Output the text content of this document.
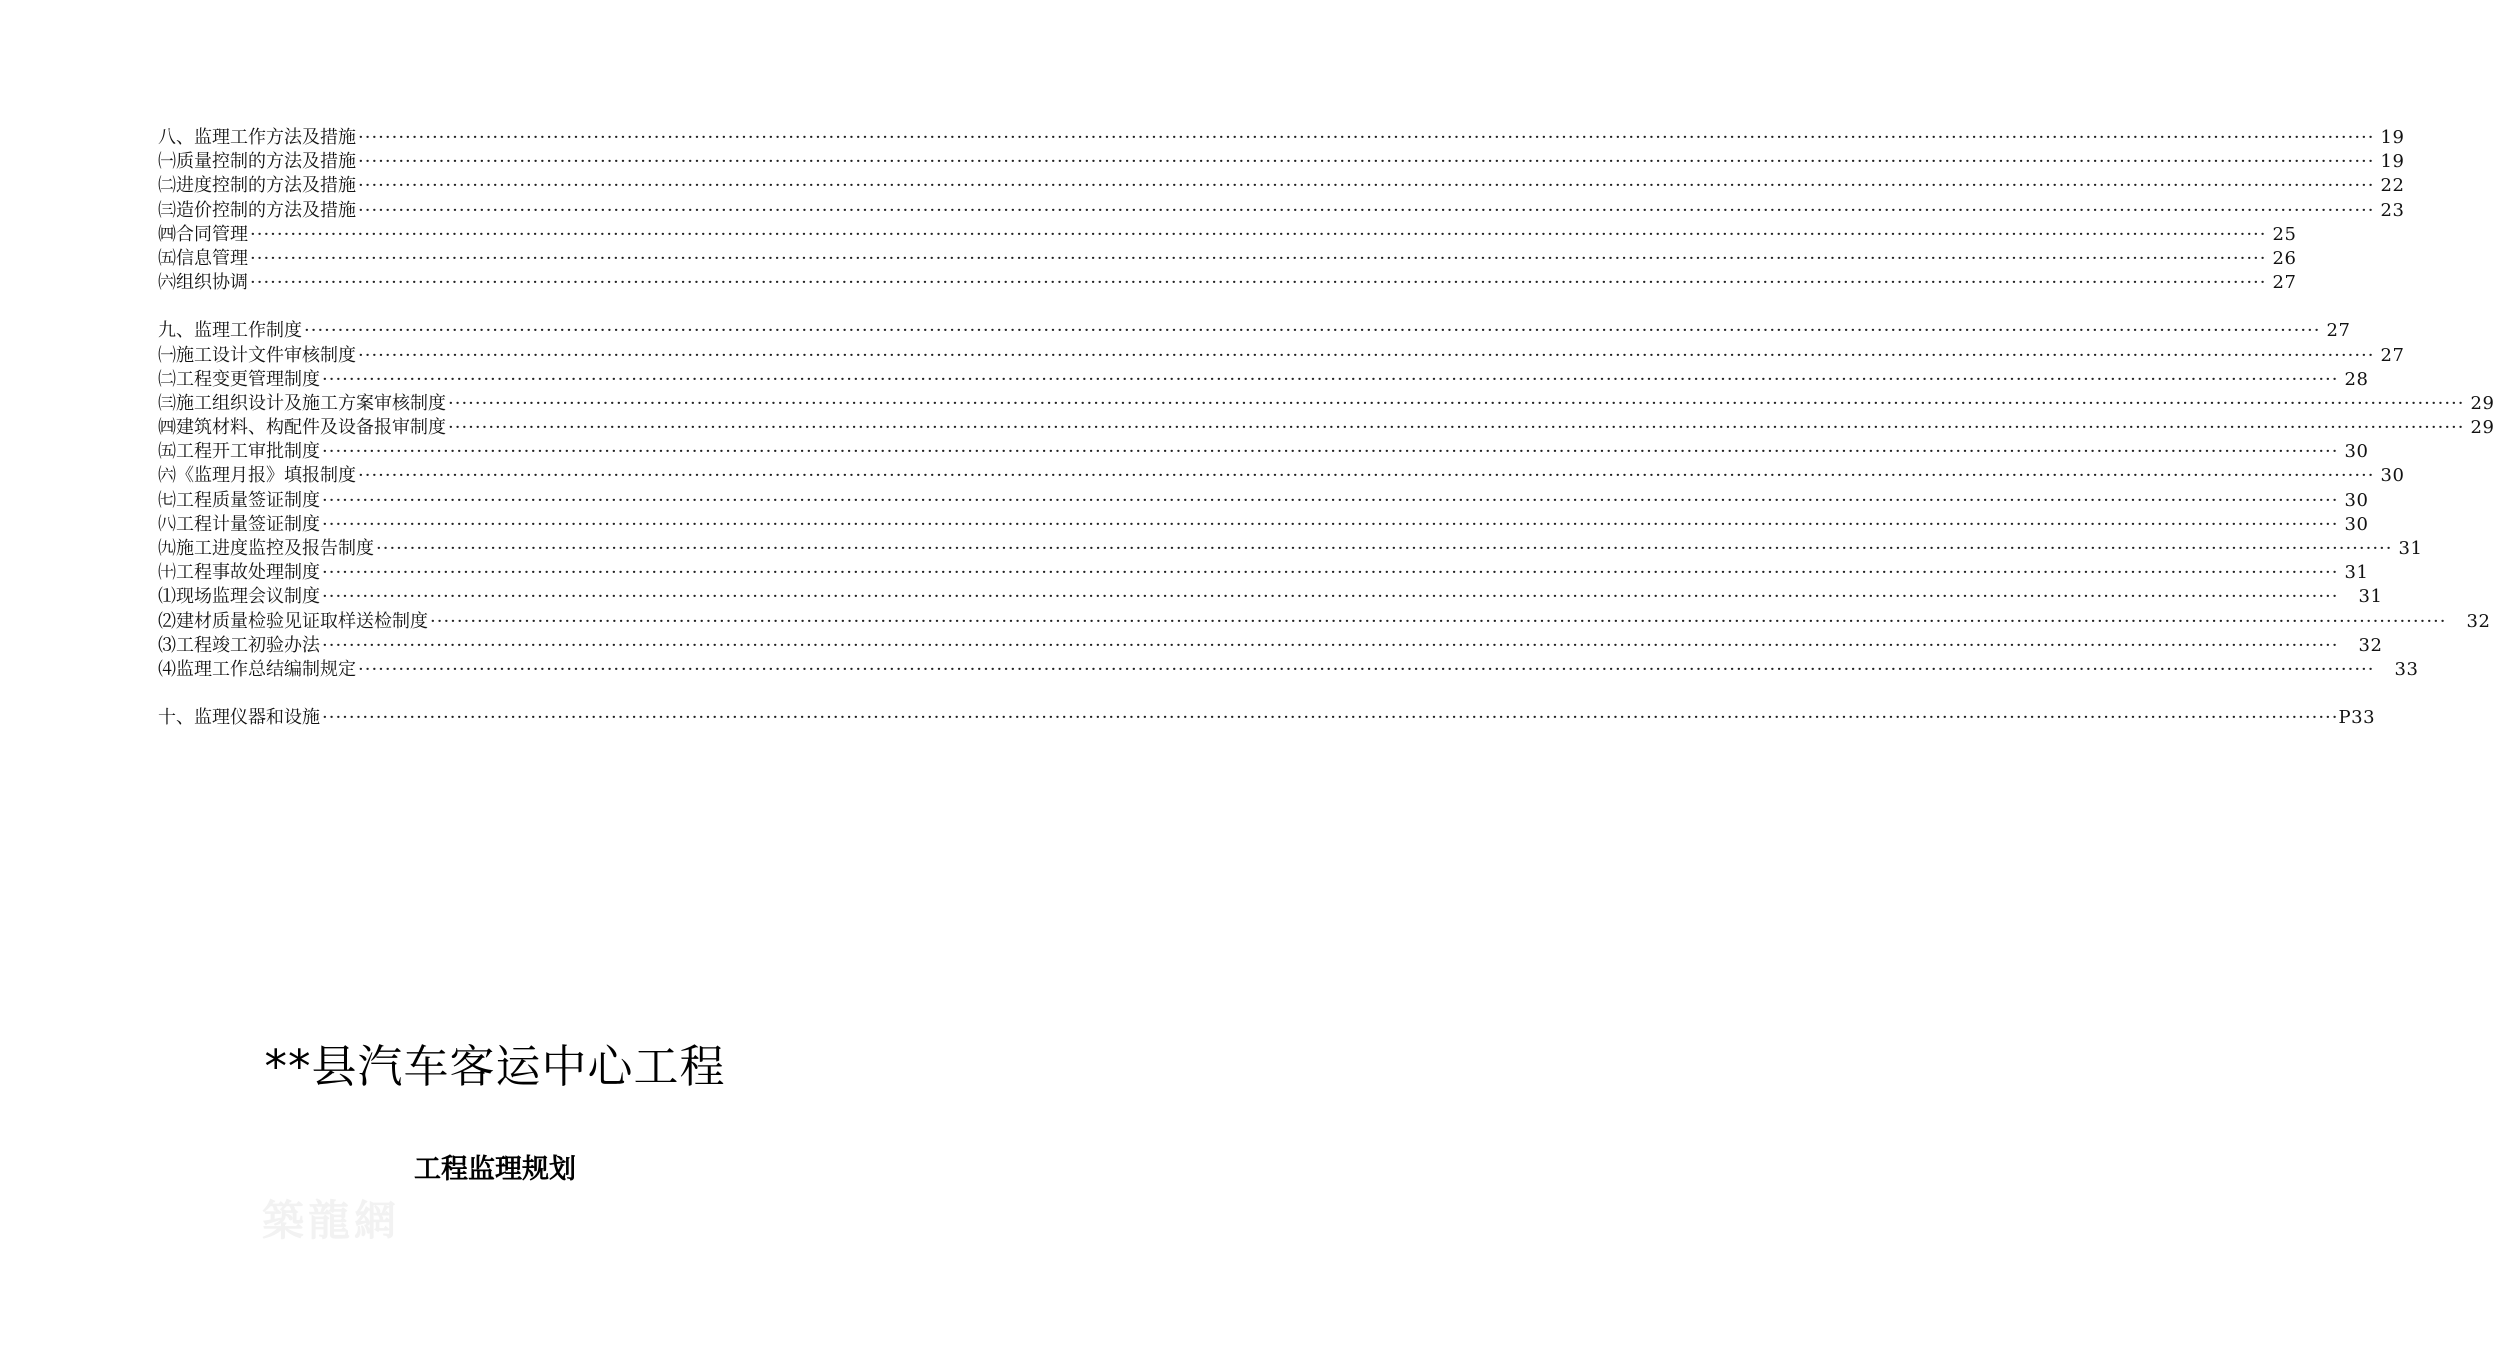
八、监理工作方法及措施 ············································································································································································································································································································ 19
㈠质量控制的方法及措施 ············································································································································································································································································································ 19
㈡进度控制的方法及措施 ············································································································································································································································································································ 22
㈢造价控制的方法及措施 ············································································································································································································································································································ 23
㈣合同管理 ············································································································································································································································································································ 25
㈤信息管理 ············································································································································································································································································································ 26
㈥组织协调 ············································································································································································································································································································ 27
九、监理工作制度 ············································································································································································································································································································ 27
㈠施工设计文件审核制度 ············································································································································································································································································································ 27
㈡工程变更管理制度 ············································································································································································································································································································ 28
㈢施工组织设计及施工方案审核制度 ············································································································································································································································································································ 29
㈣建筑材料、构配件及设备报审制度 ············································································································································································································································································································ 29
㈤工程开工审批制度 ············································································································································································································································································································ 30
㈥《监理月报》填报制度 ············································································································································································································································································································ 30
㈦工程质量签证制度 ············································································································································································································································································································ 30
㈧工程计量签证制度 ············································································································································································································································································································ 30
㈨施工进度监控及报告制度 ············································································································································································································································································································ 31
㈩工程事故处理制度 ············································································································································································································································································································ 31
⑴现场监理会议制度 ············································································································································································································································································································	31
⑵建材质量检验见证取样送检制度 ············································································································································································································································································································	32
⑶工程竣工初验办法 ············································································································································································································································································································	32
⑷监理工作总结编制规定 ············································································································································································································································································································	33
十、监理仪器和设施 ············································································································································································································································································································ P33
**县汽车客运中心工程
工程监理规划
築龍網
